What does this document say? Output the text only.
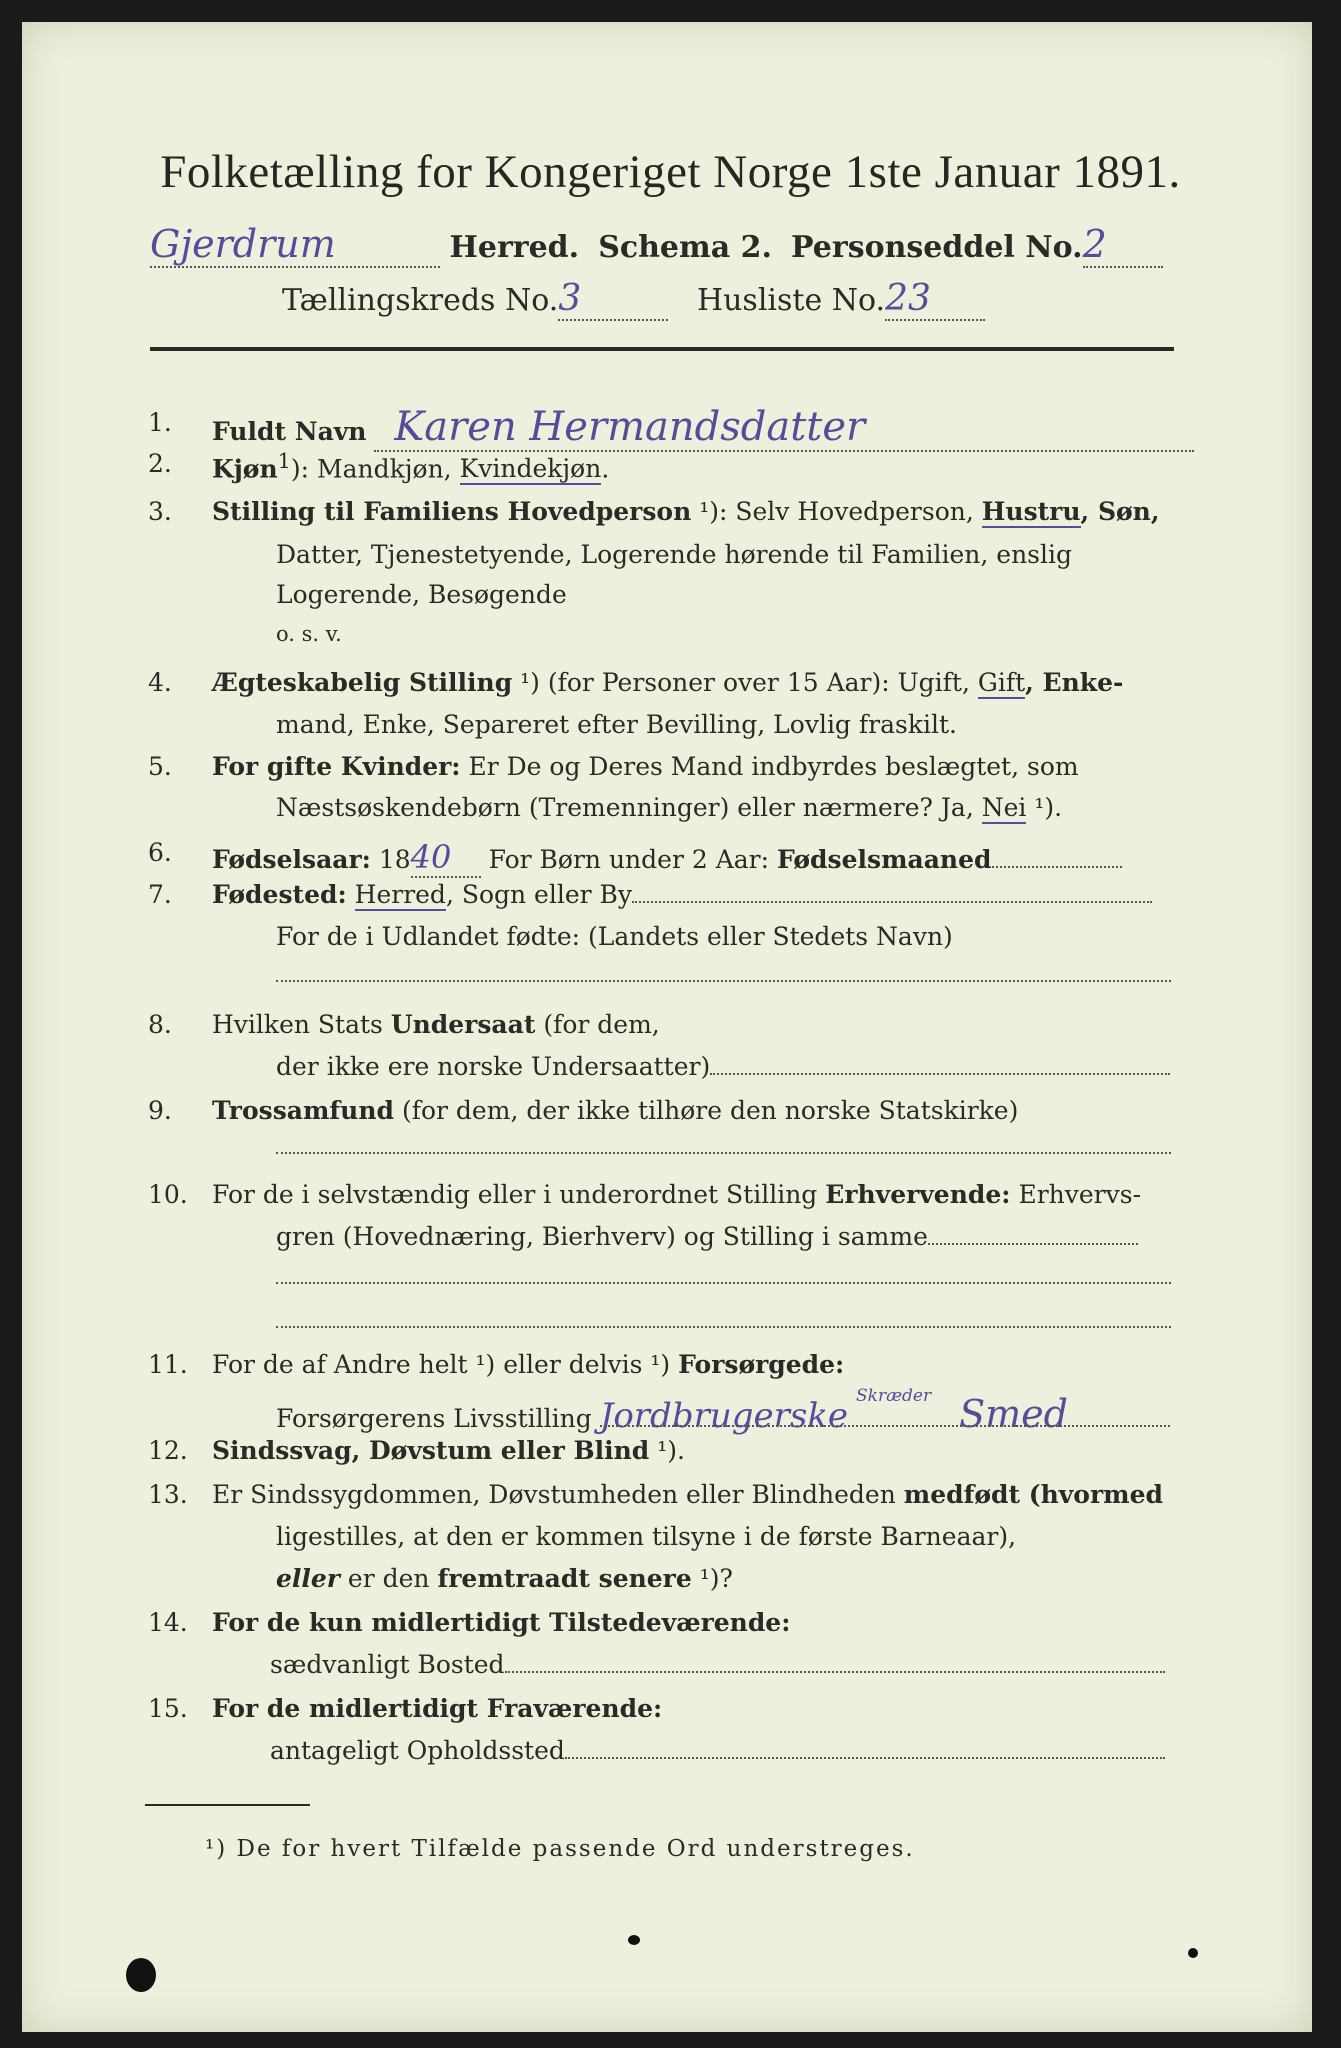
Folketælling for Kongeriget Norge 1ste Januar 1891.
Gjerdrum	Herred. Schema 2. Personseddel No.2
Tællingskreds No.3	Husliste No.23
1. Fuldt Navn Karen Hermandsdatter
2. Kjøn$^1$): Mandkjøn, Kvindekjøn.
3. Stilling til Familiens Hovedperson ¹): Selv Hovedperson, Hustru, Søn,
Datter, Tjenestetyende, Logerende hørende til Familien, enslig
Logerende, Besøgende
o. s. v.
4. Ægteskabelig Stilling ¹) (for Personer over 15 Aar): Ugift, Gift, Enke-
mand, Enke, Separeret efter Bevilling, Lovlig fraskilt.
5. For gifte Kvinder: Er De og Deres Mand indbyrdes beslægtet, som
Næstsøskendebørn (Tremenninger) eller nærmere? Ja, Nei ¹).
6. Fødselsaar: 1840 For Børn under 2 Aar: Fødselsmaaned
7. Fødested: Herred, Sogn eller By
For de i Udlandet fødte: (Landets eller Stedets Navn)
8. Hvilken Stats Undersaat (for dem,
der ikke ere norske Undersaatter)
9. Trossamfund (for dem, der ikke tilhøre den norske Statskirke)
10. For de i selvstændig eller i underordnet Stilling Erhvervende: Erhvervs-
gren (Hovednæring, Bierhverv) og Stilling i samme
11. For de af Andre helt ¹) eller delvis ¹) Forsørgede:
Forsørgerens Livsstilling Jordbrugerske $^{Skræder}$ Smed
12. Sindssvag, Døvstum eller Blind ¹).
13. Er Sindssygdommen, Døvstumheden eller Blindheden medfødt (hvormed
ligestilles, at den er kommen tilsyne i de første Barneaar),
eller er den fremtraadt senere ¹)?
14. For de kun midlertidigt Tilstedeværende:
sædvanligt Bosted
15. For de midlertidigt Fraværende:
antageligt Opholdssted
¹) De for hvert Tilfælde passende Ord understreges.
